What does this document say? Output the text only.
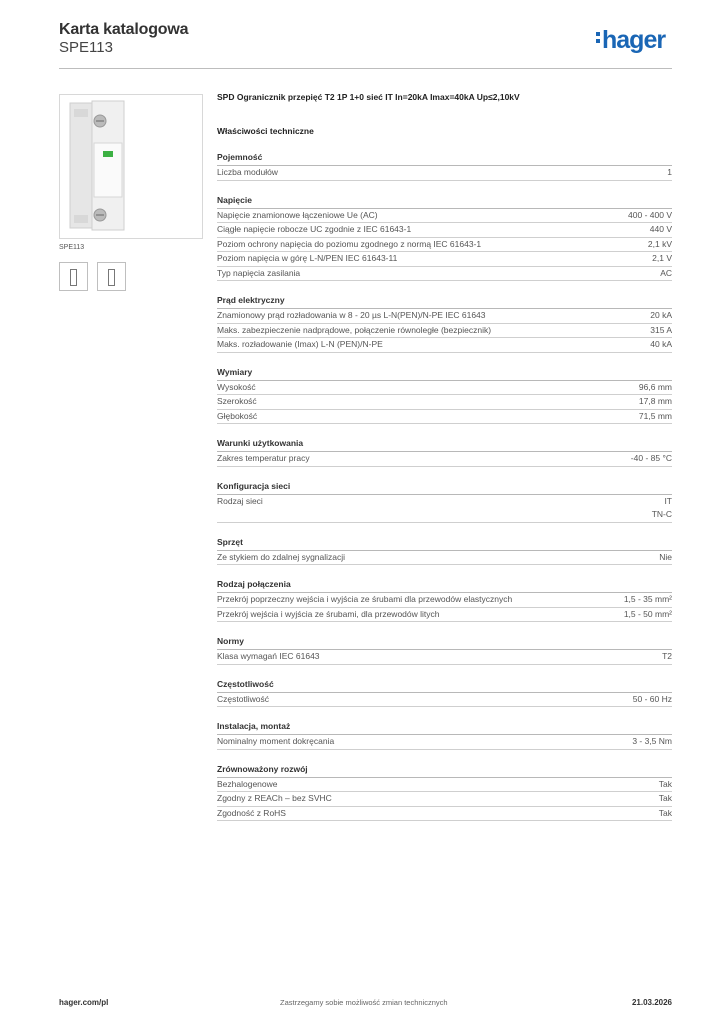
Karta katalogowa
SPE113	hager
SPE113
SPD Ogranicznik przepięć T2 1P 1+0 sieć IT In=20kA Imax=40kA Up≤2,10kV
Właściwości techniczne
Pojemność
Liczba modułów	1
Napięcie
Napięcie znamionowe łączeniowe Ue (AC)	400 - 400 V
Ciągłe napięcie robocze UC zgodnie z IEC 61643-1	440 V
Poziom ochrony napięcia do poziomu zgodnego z normą IEC 61643-1	2,1 kV
Poziom napięcia w górę L-N/PEN IEC 61643-11	2,1 V
Typ napięcia zasilania	AC
Prąd elektryczny
Znamionowy prąd rozładowania w 8 - 20 µs L-N(PEN)/N-PE IEC 61643	20 kA
Maks. zabezpieczenie nadprądowe, połączenie równoległe (bezpiecznik)	315 A
Maks. rozładowanie (Imax) L-N (PEN)/N-PE	40 kA
Wymiary
Wysokość	96,6 mm
Szerokość	17,8 mm
Głębokość	71,5 mm
Warunki użytkowania
Zakres temperatur pracy	-40 - 85 °C
Konfiguracja sieci
Rodzaj sieci	IT
TN-C
Sprzęt
Ze stykiem do zdalnej sygnalizacji	Nie
Rodzaj połączenia
Przekrój poprzeczny wejścia i wyjścia ze śrubami dla przewodów elastycznych	1,5 - 35 mm²
Przekrój wejścia i wyjścia ze śrubami, dla przewodów litych	1,5 - 50 mm²
Normy
Klasa wymagań IEC 61643	T2
Częstotliwość
Częstotliwość	50 - 60 Hz
Instalacja, montaż
Nominalny moment dokręcania	3 - 3,5 Nm
Zrównoważony rozwój
Bezhalogenowe	Tak
Zgodny z REACh – bez SVHC	Tak
Zgodność z RoHS	Tak
hager.com/pl	Zastrzegamy sobie możliwość zmian technicznych	21.03.2026
